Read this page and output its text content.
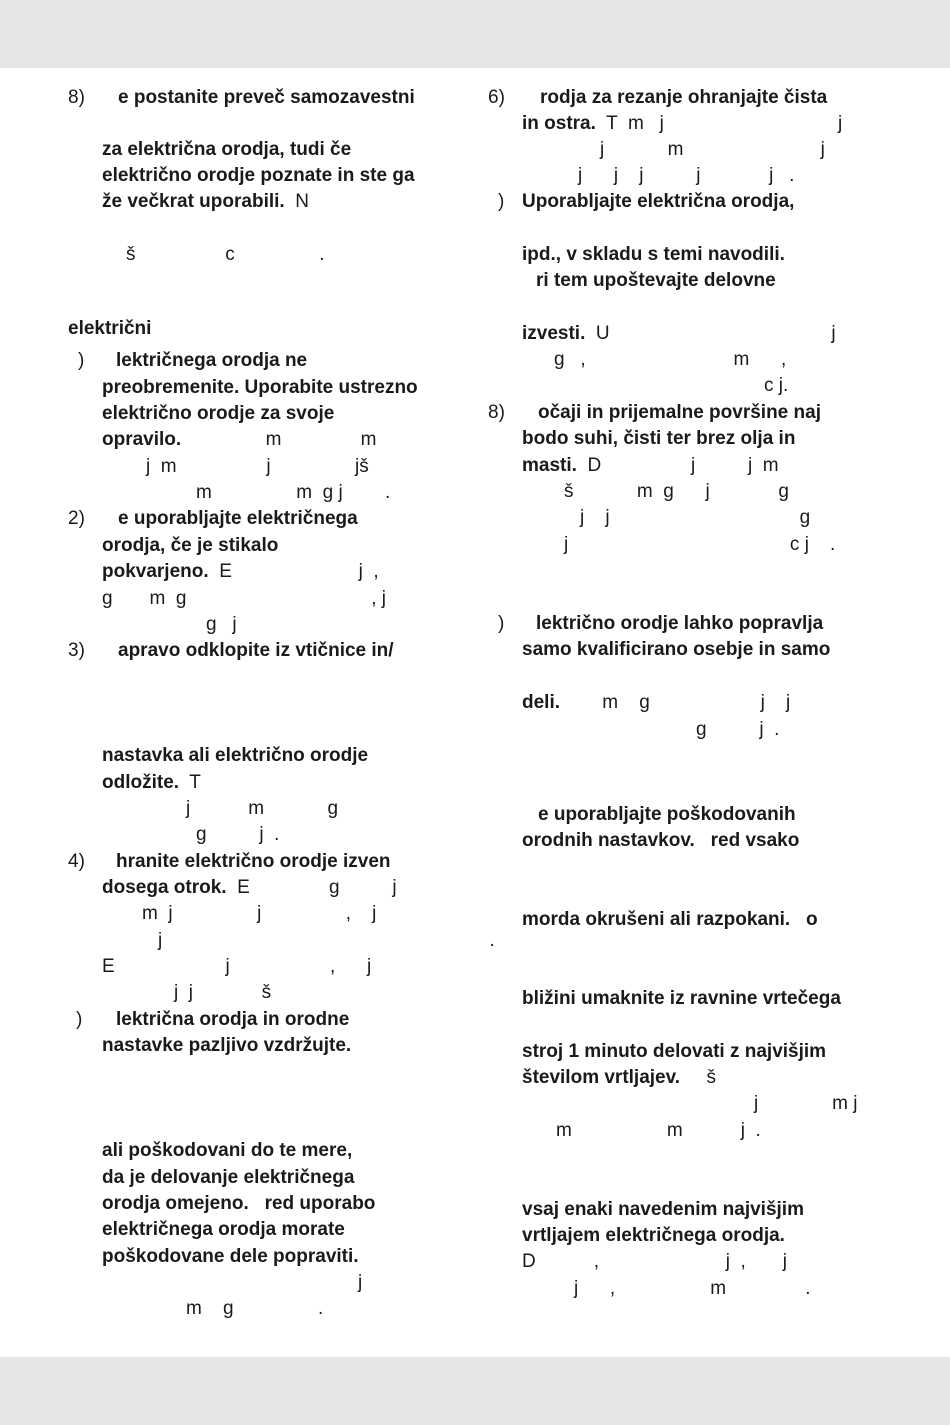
8) e postanite preveč samozavestni
za električna orodja, tudi če
električno orodje poznate in ste ga
že večkrat uporabili.  N
š                 c                .
električni
) lektričnega orodja ne
preobremenite. Uporabite ustrezno
električno orodje za svoje
opravilo.                m               m
j  m                 j                jš
m                m  g j        .
2) e uporabljajte električnega
orodja, če je stikalo
pokvarjeno.  E                        j  ,
g       m  g                                   , j
g   j
3) apravo odklopite iz vtičnice in/
nastavka ali električno orodje
odložite.  T
j           m            g
g          j  .
4) hranite električno orodje izven
dosega otrok.  E               g          j
m  j                j                ,    j
j                                                              .
E                     j                   ,      j
j  j             š
) lektrična orodja in orodne
nastavke pazljivo vzdržujte.
ali poškodovani do te mere,
da je delovanje električnega
orodja omejeno.   red uporabo
električnega orodja morate
poškodovane dele popraviti.
j
m    g                .
6) rodja za rezanje ohranjajte čista
in ostra.  T  m   j                                 j
j            m                          j
j      j    j          j             j   .
) Uporabljajte električna orodja,
ipd., v skladu s temi navodili.
ri tem upoštevajte delovne
izvesti.  U                                          j
g   ,                            m      ,
c j.
8) očaji in prijemalne površine naj
bodo suhi, čisti ter brez olja in
masti.  D                 j          j  m
š            m  g      j             g
j    j                                    g
j                                          c j    .
) lektrično orodje lahko popravlja
samo kvalificirano osebje in samo
deli.        m    g                     j    j
g          j  .
e uporabljajte poškodovanih
orodnih nastavkov.   red vsako
morda okrušeni ali razpokani.   o
bližini umaknite iz ravnine vrtečega
stroj 1 minuto delovati z najvišjim
številom vrtljajev.     š
j              m j
m                  m           j  .
vsaj enaki navedenim najvišjim
vrtljajem električnega orodja.
D           ,                        j  ,       j
j      ,                  m               .
